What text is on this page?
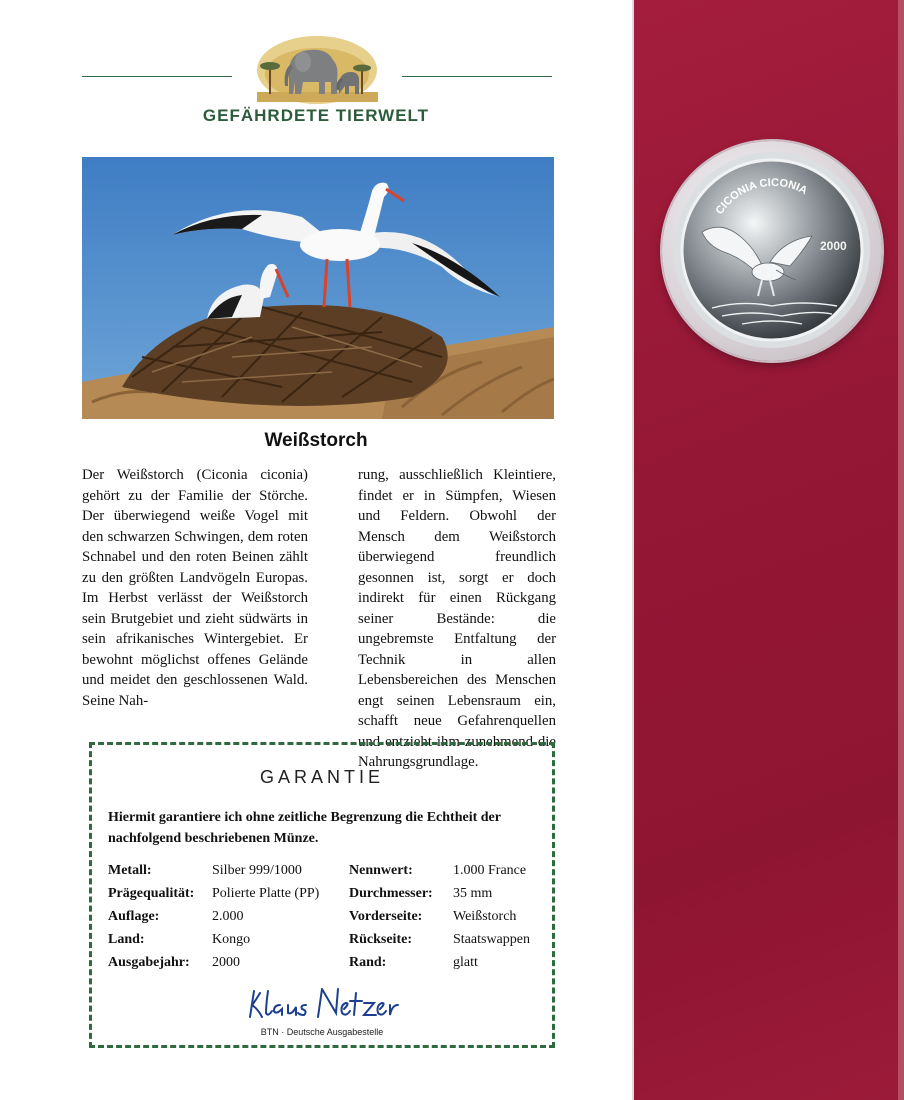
GEFÄHRDETE TIERWELT
Weißstorch
Der Weißstorch (Ciconia ciconia) gehört zu der Familie der Störche. Der überwiegend weiße Vogel mit den schwarzen Schwingen, dem roten Schnabel und den roten Beinen zählt zu den größten Landvögeln Europas. Im Herbst verlässt der Weißstorch sein Brutgebiet und zieht südwärts in sein afrikanisches Wintergebiet. Er bewohnt möglichst offenes Gelände und meidet den geschlossenen Wald. Seine Nah-
rung, ausschließlich Kleintiere, findet er in Sümpfen, Wiesen und Feldern. Obwohl der Mensch dem Weißstorch überwiegend freundlich gesonnen ist, sorgt er doch indirekt für einen Rückgang seiner Bestände: die ungebremste Entfaltung der Technik in allen Lebensbereichen des Menschen engt seinen Lebensraum ein, schafft neue Gefahrenquellen und entzieht ihm zunehmend die Nahrungsgrundlage.
GARANTIE
Hiermit garantiere ich ohne zeitliche Begrenzung die Echtheit der nachfolgend beschriebenen Münze.
Metall:	Silber 999/1000
Prägequalität:	Polierte Platte (PP)
Auflage:	2.000
Land:	Kongo
Ausgabejahr:	2000
Nennwert:	1.000 France
Durchmesser:	35 mm
Vorderseite:	Weißstorch
Rückseite:	Staatswappen
Rand:	glatt
BTN · Deutsche Ausgabestelle
CICONIA CICONIA
2000
